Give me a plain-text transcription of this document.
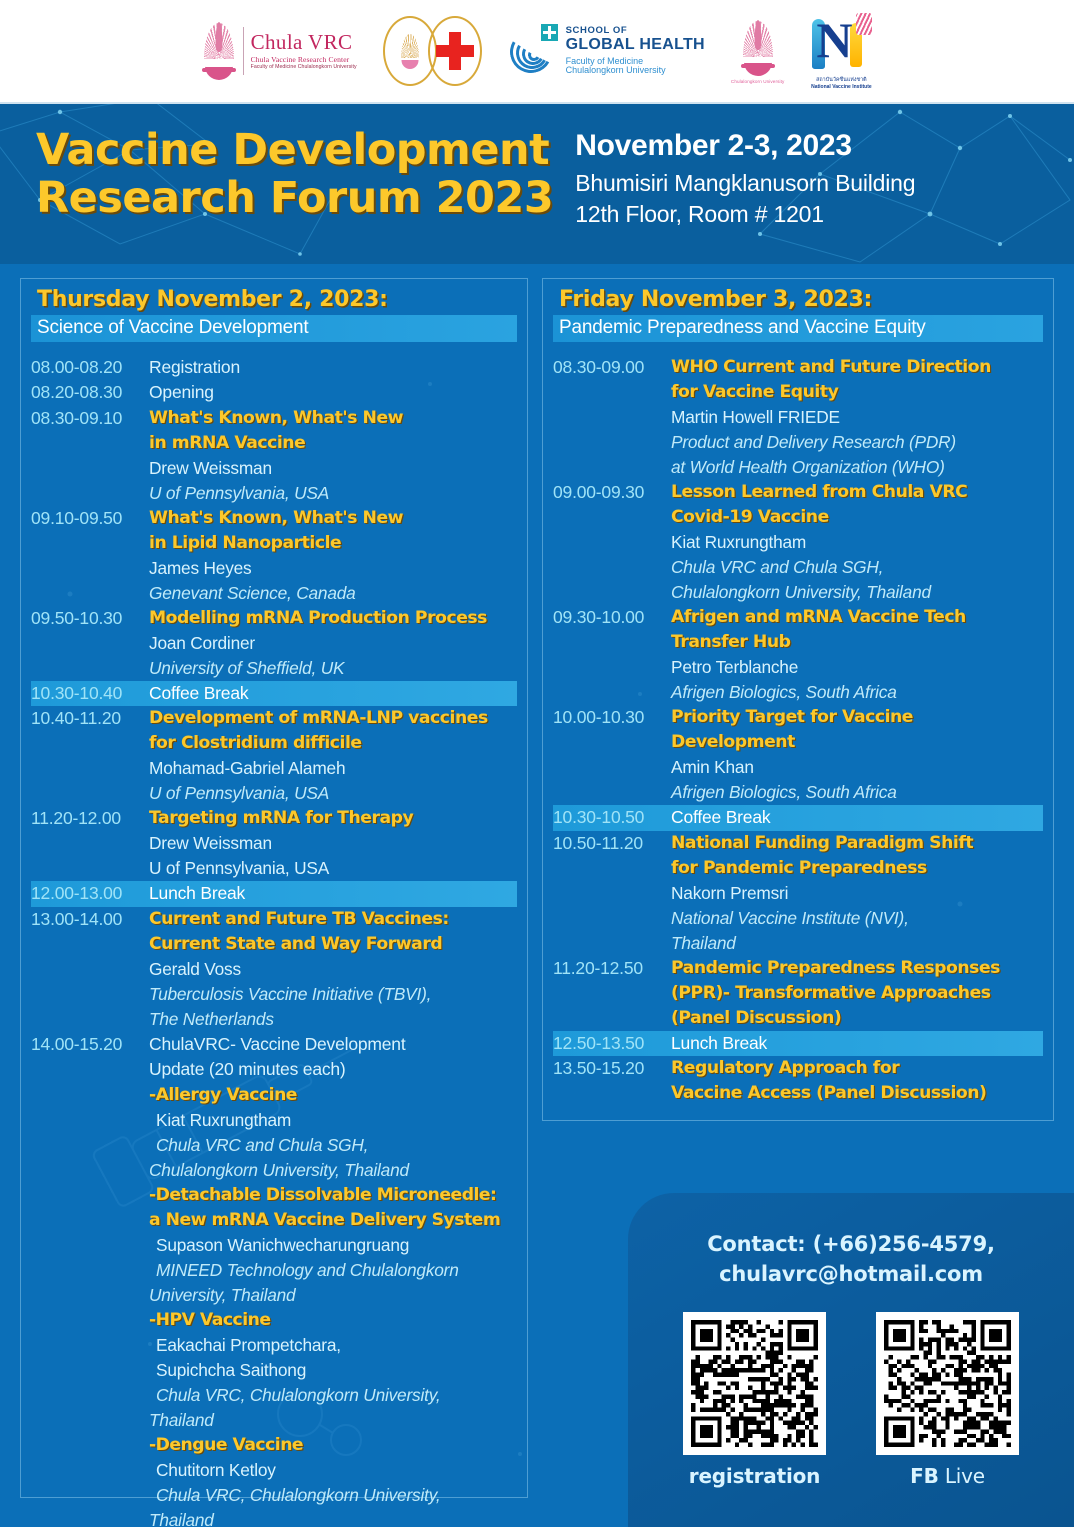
Chula VRC
Chula Vaccine Research Center
Faculty of Medicine Chulalongkorn University
SCHOOL OF
GLOBAL HEALTH
Faculty of Medicine
Chulalongkorn University
Chulalongkorn University
N
สถาบันวัคซีนแห่งชาติ
National Vaccine Institute
Vaccine Development
Research Forum 2023
November 2-3, 2023
Bhumisiri Mangklanusorn Building
12th Floor, Room # 1201
Thursday November 2, 2023:
Science of Vaccine Development
08.00-08.20	Registration
08.20-08.30	Opening
08.30-09.10	What's Known, What's New
in mRNA Vaccine
Drew Weissman
U of Pennsylvania, USA
09.10-09.50	What's Known, What's New
in Lipid Nanoparticle
James Heyes
Genevant Science, Canada
09.50-10.30	Modelling mRNA Production Process
Joan Cordiner
University of Sheffield, UK
10.30-10.40	Coffee Break
10.40-11.20	Development of mRNA-LNP vaccines
for Clostridium difficile
Mohamad-Gabriel Alameh
U of Pennsylvania, USA
11.20-12.00	Targeting mRNA for Therapy
Drew Weissman
U of Pennsylvania, USA
12.00-13.00	Lunch Break
13.00-14.00	Current and Future TB Vaccines:
Current State and Way Forward
Gerald Voss
Tuberculosis Vaccine Initiative (TBVI),
The Netherlands
14.00-15.20	ChulaVRC- Vaccine Development
Update (20 minutes each)
-Allergy Vaccine
Kiat Ruxrungtham
Chula VRC and Chula SGH,
Chulalongkorn University, Thailand
-Detachable Dissolvable Microneedle:
a New mRNA Vaccine Delivery System
Supason Wanichwecharungruang
MINEED Technology and Chulalongkorn
University, Thailand
-HPV Vaccine
Eakachai Prompetchara,
Supichcha Saithong
Chula VRC, Chulalongkorn University,
Thailand
-Dengue Vaccine
Chutitorn Ketloy
Chula VRC, Chulalongkorn University,
Thailand
Friday November 3, 2023:
Pandemic Preparedness and Vaccine Equity
08.30-09.00	WHO Current and Future Direction
for Vaccine Equity
Martin Howell FRIEDE
Product and Delivery Research (PDR)
at World Health Organization (WHO)
09.00-09.30	Lesson Learned from Chula VRC
Covid-19 Vaccine
Kiat Ruxrungtham
Chula VRC and Chula SGH,
Chulalongkorn University, Thailand
09.30-10.00	Afrigen and mRNA Vaccine Tech
Transfer Hub
Petro Terblanche
Afrigen Biologics, South Africa
10.00-10.30	Priority Target for Vaccine
Development
Amin Khan
Afrigen Biologics, South Africa
10.30-10.50	Coffee Break
10.50-11.20	National Funding Paradigm Shift
for Pandemic Preparedness
Nakorn Premsri
National Vaccine Institute (NVI),
Thailand
11.20-12.50	Pandemic Preparedness Responses
(PPR)- Transformative Approaches
(Panel Discussion)
12.50-13.50	Lunch Break
13.50-15.20	Regulatory Approach for
Vaccine Access (Panel Discussion)
Contact: (+66)256-4579,
chulavrc@hotmail.com
registration	FB Live
